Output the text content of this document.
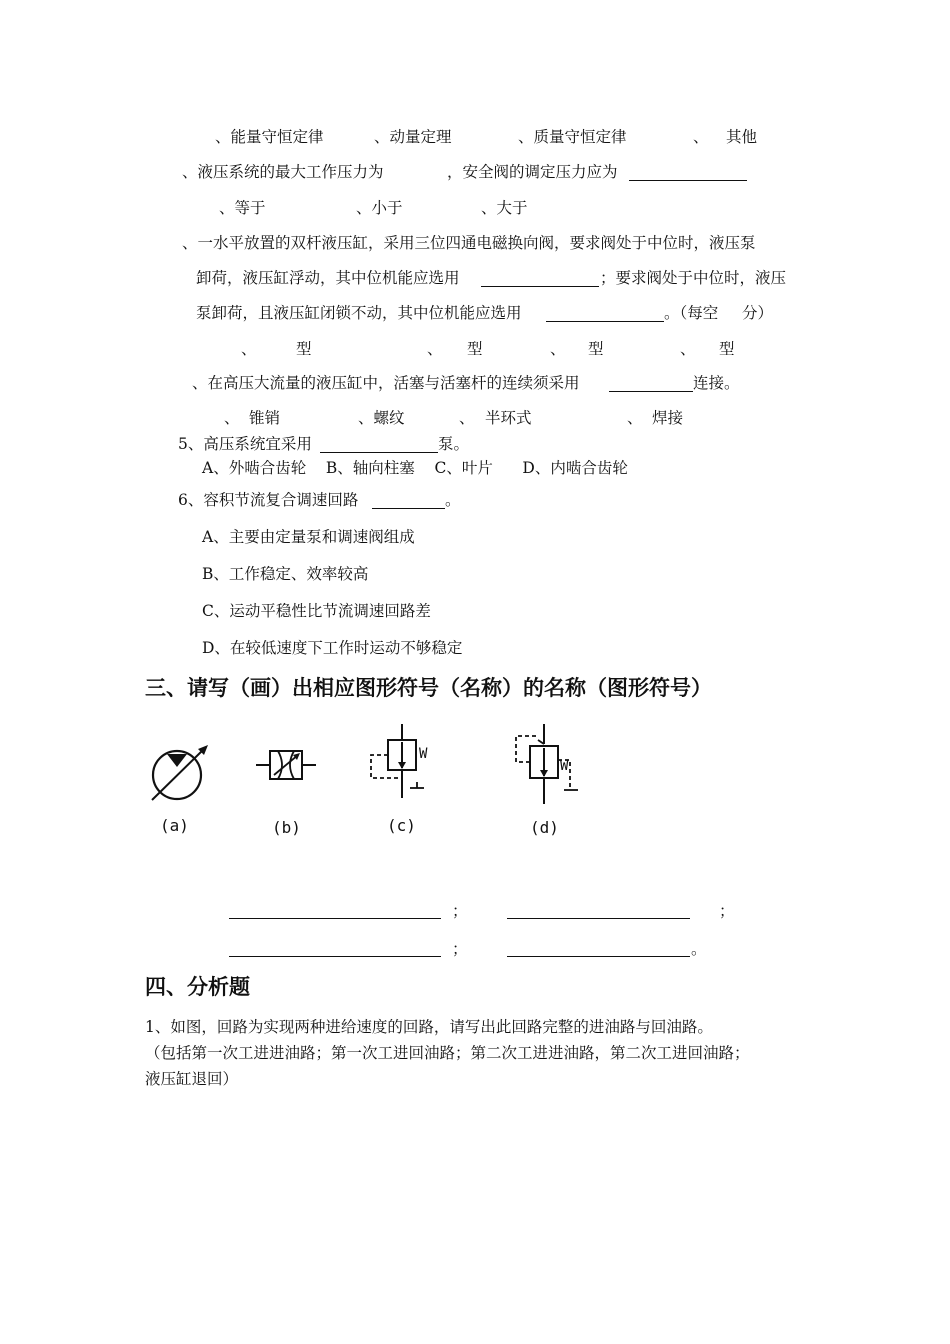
、能量守恒定律	、动量定理	、质量守恒定律	、 其他
、液压系统的最大工作压力为	，安全阀的调定压力应为
、等于	、小于	、大于
、一水平放置的双杆液压缸，采用三位四通电磁换向阀，要求阀处于中位时，液压泵
卸荷，液压缸浮动，其中位机能应选用	；要求阀处于中位时，液压
泵卸荷，且液压缸闭锁不动，其中位机能应选用	。（每空 分）
、	型	、 型	、 型	、 型
、在高压大流量的液压缸中，活塞与活塞杆的连续须采用	连接。
、 锥销	、螺纹	、 半环式	、 焊接
5、高压系统宜采用	泵。
A、外啮合齿轮    B、轴向柱塞    C、叶片      D、内啮合齿轮
6、容积节流复合调速回路	。
A、主要由定量泵和调速阀组成
B、工作稳定、效率较高
C、运动平稳性比节流调速回路差
D、在较低速度下工作时运动不够稳定
三、请写（画）出相应图形符号（名称）的名称（图形符号）
(a)	(b)
W
(c)
W
(d)
；	；
；	。
四、分析题
1、如图，回路为实现两种进给速度的回路，请写出此回路完整的进油路与回油路。
（包括第一次工进进油路；第一次工进回油路；第二次工进进油路，第二次工进回油路；
液压缸退回）
